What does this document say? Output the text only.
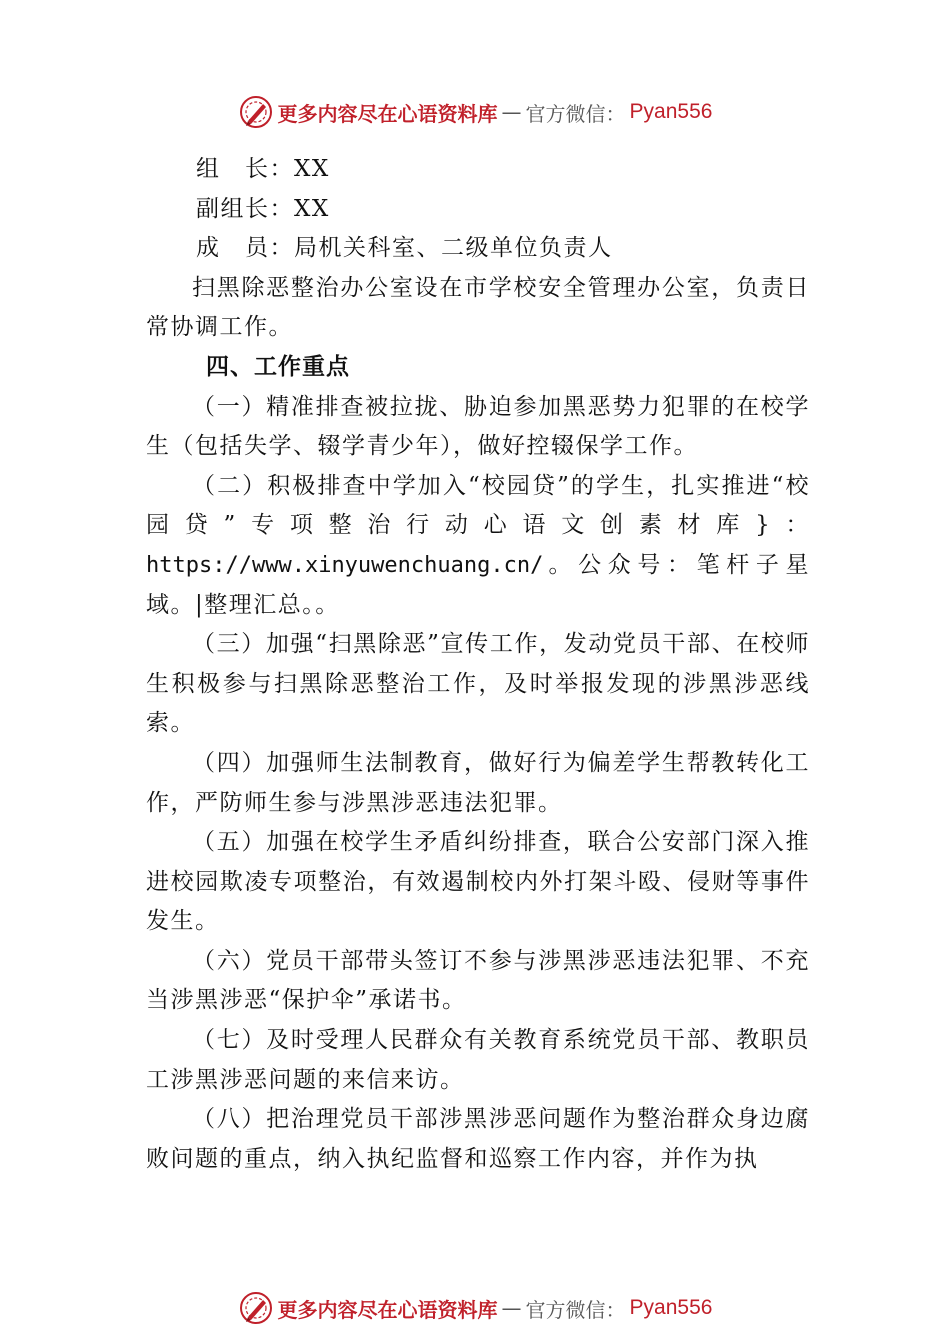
更多内容尽在心语资料库 — 官方微信： Pyan556

组　长：XX

副组长：XX

成　员：局机关科室、二级单位负责人

扫黑除恶整治办公室设在市学校安全管理办公室，负责日常协调工作。

四、工作重点

（一）精准排查被拉拢、胁迫参加黑恶势力犯罪的在校学生（包括失学、辍学青少年），做好控辍保学工作。

（二）积极排查中学加入“校园贷”的学生，扎实推进“校园贷”专项整治行动心语文创素材库}：https://www.xinyuwenchuang.cn/。公众号：笔杆子星域。|整理汇总。。

（三）加强“扫黑除恶”宣传工作，发动党员干部、在校师生积极参与扫黑除恶整治工作，及时举报发现的涉黑涉恶线索。

（四）加强师生法制教育，做好行为偏差学生帮教转化工作，严防师生参与涉黑涉恶违法犯罪。

（五）加强在校学生矛盾纠纷排查，联合公安部门深入推进校园欺凌专项整治，有效遏制校内外打架斗殴、侵财等事件发生。

（六）党员干部带头签订不参与涉黑涉恶违法犯罪、不充当涉黑涉恶“保护伞”承诺书。

（七）及时受理人民群众有关教育系统党员干部、教职员工涉黑涉恶问题的来信来访。

（八）把治理党员干部涉黑涉恶问题作为整治群众身边腐败问题的重点，纳入执纪监督和巡察工作内容，并作为执

更多内容尽在心语资料库 — 官方微信： Pyan556
